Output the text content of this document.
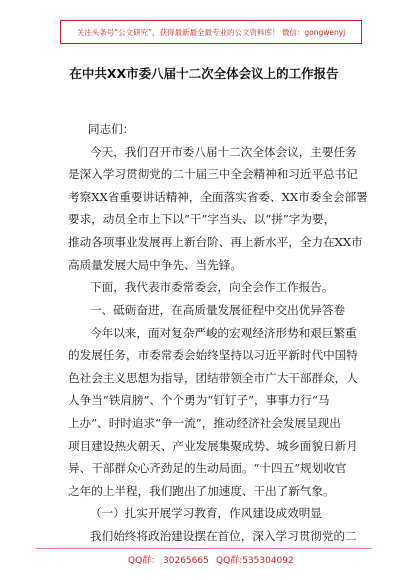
关注头条号“公文研究”，获得最新最全最专业的公文资料库！ 微信：gongwenyj
在中共XX市委八届十二次全体会议上的工作报告
同志们：
今天，我们召开市委八届十二次全体会议，主要任务
是深入学习贯彻党的二十届三中全会精神和习近平总书记
考察XX省重要讲话精神，全面落实省委、XX市委全会部署
要求，动员全市上下以“干”字当头、以“拼”字为要，
推动各项事业发展再上新台阶、再上新水平，全力在XX市
高质量发展大局中争先、当先锋。
下面，我代表市委常委会，向全会作工作报告。
一、砥砺奋进，在高质量发展征程中交出优异答卷
今年以来，面对复杂严峻的宏观经济形势和艰巨繁重
的发展任务，市委常委会始终坚持以习近平新时代中国特
色社会主义思想为指导，团结带领全市广大干部群众，人
人争当“铁肩膀”、个个勇为“钉钉子”，事事力行“马
上办”、时时追求“争一流”，推动经济社会发展呈现出
项目建设热火朝天、产业发展集聚成势、城乡面貌日新月
异、干部群众心齐劲足的生动局面。“十四五”规划收官
之年的上半程，我们跑出了加速度、干出了新气象。
（一）扎实开展学习教育，作风建设成效明显
我们始终将政治建设摆在首位，深入学习贯彻党的二
QQ群： 30265665 QQ群:535304092
